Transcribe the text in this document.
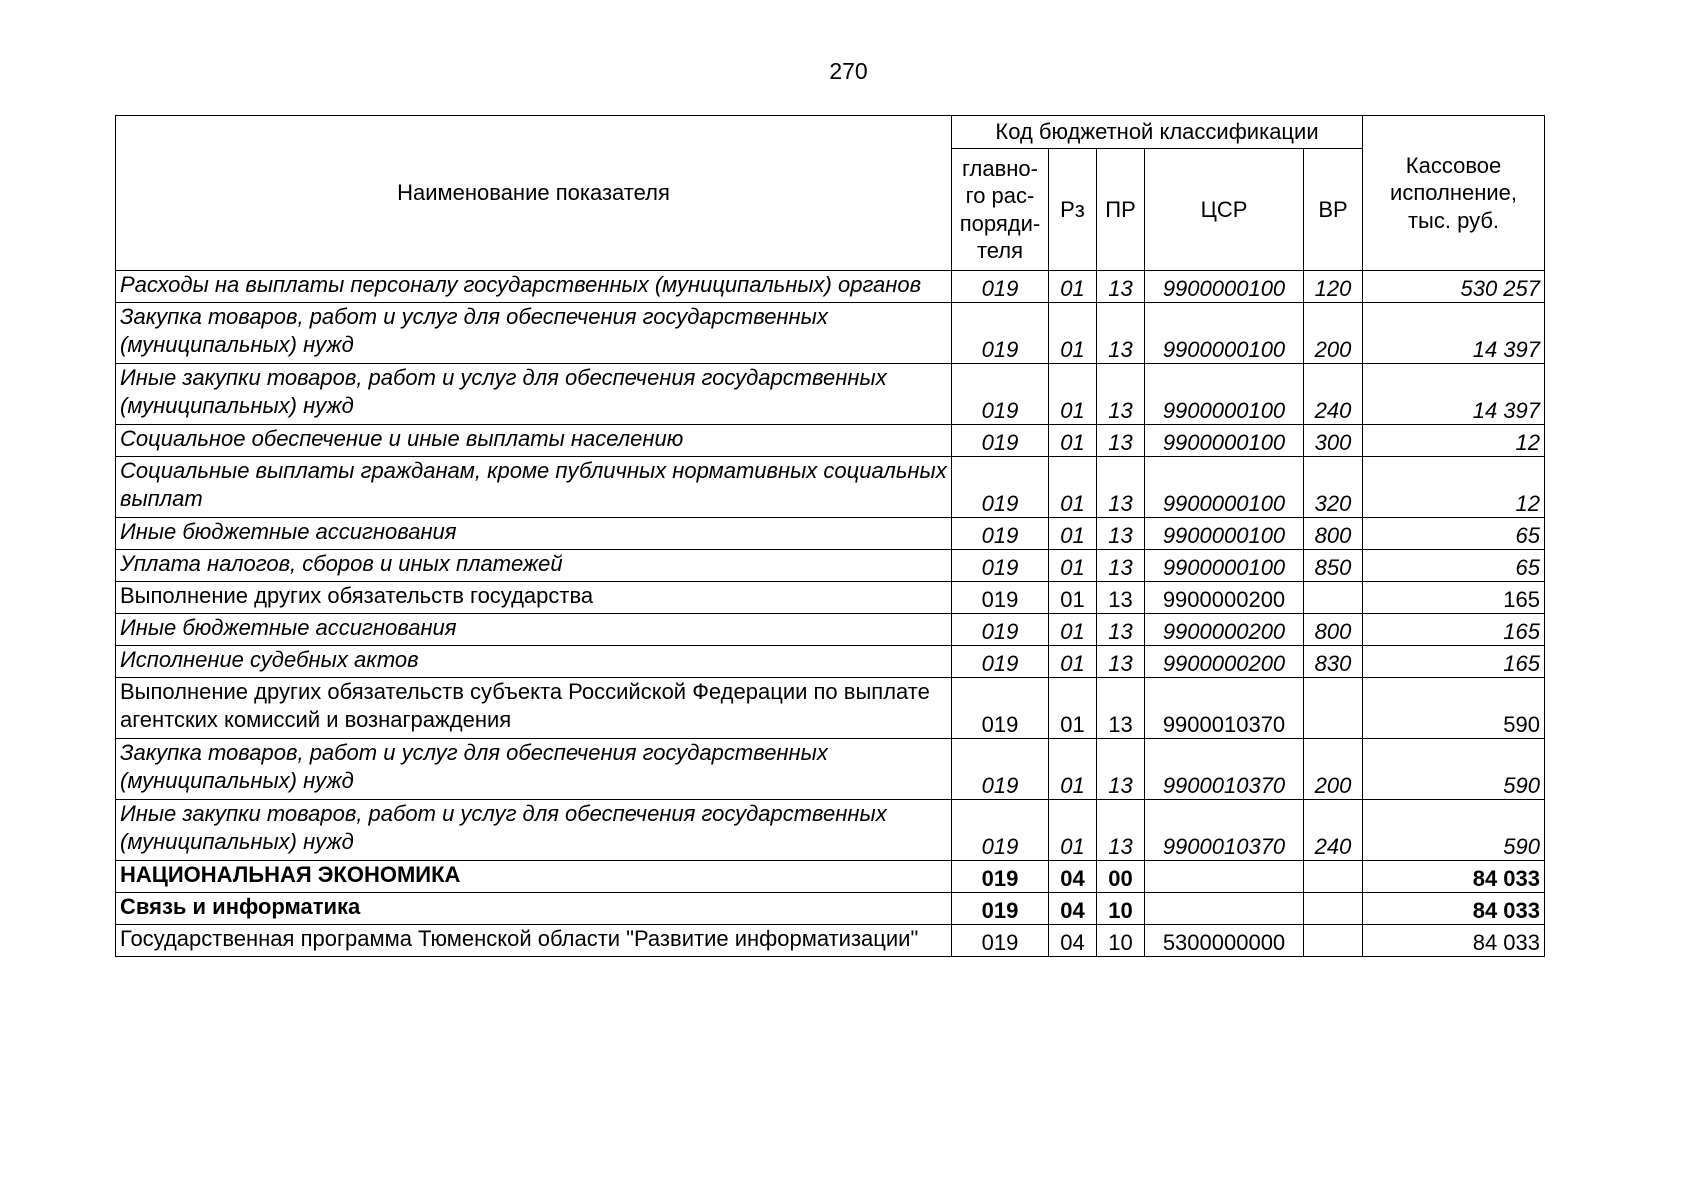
270
Наименование показателя	Код бюджетной классификации					Кассовое исполнение, тыс. руб.
	главно-го рас-поряди-теля	Рз	ПР	ЦСР	ВР	
Расходы на выплаты персоналу государственных (муниципальных) органов	019	01	13	9900000100	120	530 257
Закупка товаров, работ и услуг для обеспечения государственных (муниципальных) нужд	019	01	13	9900000100	200	14 397
Иные закупки товаров, работ и услуг для обеспечения государственных (муниципальных) нужд	019	01	13	9900000100	240	14 397
Социальное обеспечение и иные выплаты населению	019	01	13	9900000100	300	12
Социальные выплаты гражданам, кроме публичных нормативных социальных выплат	019	01	13	9900000100	320	12
Иные бюджетные ассигнования	019	01	13	9900000100	800	65
Уплата налогов, сборов и иных платежей	019	01	13	9900000100	850	65
Выполнение других обязательств государства	019	01	13	9900000200		165
Иные бюджетные ассигнования	019	01	13	9900000200	800	165
Исполнение судебных актов	019	01	13	9900000200	830	165
Выполнение других обязательств субъекта Российской Федерации по выплате агентских комиссий и вознаграждения	019	01	13	9900010370		590
Закупка товаров, работ и услуг для обеспечения государственных (муниципальных) нужд	019	01	13	9900010370	200	590
Иные закупки товаров, работ и услуг для обеспечения государственных (муниципальных) нужд	019	01	13	9900010370	240	590
НАЦИОНАЛЬНАЯ ЭКОНОМИКА	019	04	00			84 033
Связь и информатика	019	04	10			84 033
Государственная программа Тюменской области "Развитие информатизации"	019	04	10	5300000000		84 033
